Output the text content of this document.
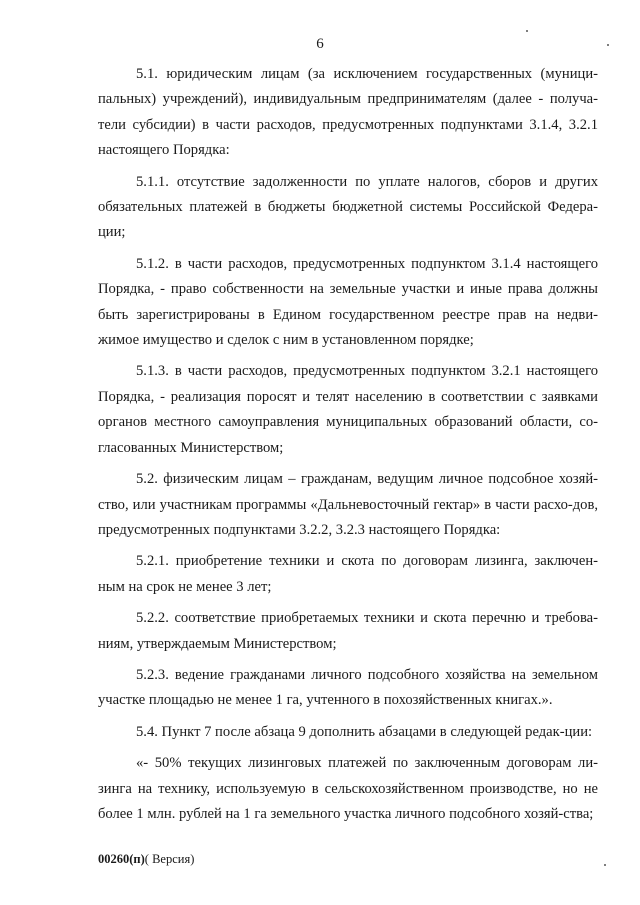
6

5.1. юридическим лицам (за исключением государственных (муници-пальных) учреждений), индивидуальным предпринимателям (далее - получа-тели субсидии) в части расходов, предусмотренных подпунктами 3.1.4, 3.2.1 настоящего Порядка:

5.1.1. отсутствие задолженности по уплате налогов, сборов и других обязательных платежей в бюджеты бюджетной системы Российской Федера-ции;

5.1.2. в части расходов, предусмотренных подпунктом 3.1.4 настоящего Порядка, - право собственности на земельные участки и иные права должны быть зарегистрированы в Едином государственном реестре прав на недви-жимое имущество и сделок с ним в установленном порядке;

5.1.3. в части расходов, предусмотренных подпунктом 3.2.1 настоящего Порядка, - реализация поросят и телят населению в соответствии с заявками органов местного самоуправления муниципальных образований области, со-гласованных Министерством;

5.2. физическим лицам – гражданам, ведущим личное подсобное хозяй-ство, или участникам программы «Дальневосточный гектар» в части расхо-дов, предусмотренных подпунктами 3.2.2, 3.2.3 настоящего Порядка:

5.2.1. приобретение техники и скота по договорам лизинга, заключен-ным на срок не менее 3 лет;

5.2.2. соответствие приобретаемых техники и скота перечню и требова-ниям, утверждаемым Министерством;

5.2.3. ведение гражданами личного подсобного хозяйства на земельном участке площадью не менее 1 га, учтенного в похозяйственных книгах.».

5.4. Пункт 7 после абзаца 9 дополнить абзацами в следующей редак-ции:

«- 50% текущих лизинговых платежей по заключенным договорам ли-зинга на технику, используемую в сельскохозяйственном производстве, но не более 1 млн. рублей на 1 га земельного участка личного подсобного хозяй-ства;

00260(п)( Версия)
